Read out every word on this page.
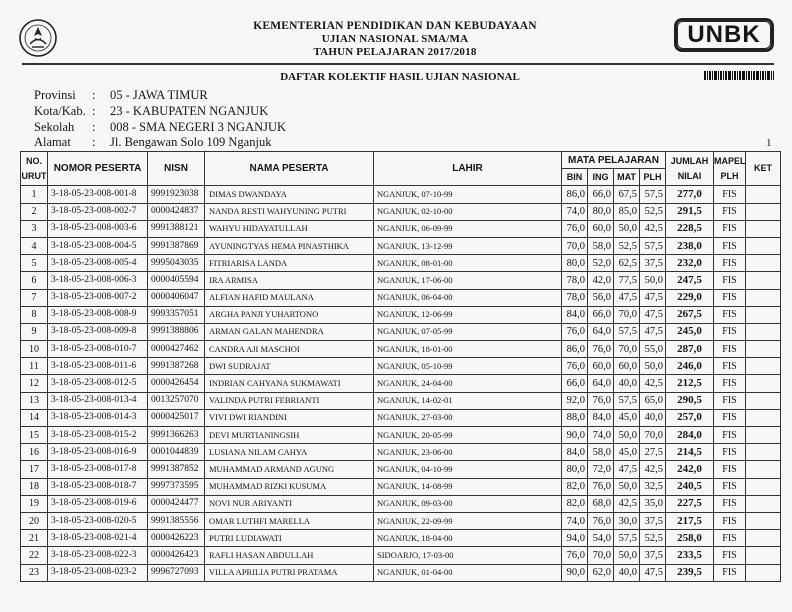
KEMENTERIAN PENDIDIKAN DAN KEBUDAYAAN
UJIAN NASIONAL SMA/MA
TAHUN PELAJARAN 2017/2018
UNBK
DAFTAR KOLEKTIF HASIL UJIAN NASIONAL
Provinsi : 05 - JAWA TIMUR
Kota/Kab. : 23 - KABUPATEN NGANJUK
Sekolah : 008 - SMA NEGERI 3 NGANJUK
Alamat : Jl. Bengawan Solo 109 Nganjuk	1
NO. URUT	NOMOR PESERTA	NISN	NAMA PESERTA	LAHIR	MATA PELAJARAN				JUMLAH NILAI	MAPEL PLH	KET
					BIN	ING	MAT	PLH			
1	3-18-05-23-008-001-8	9991923038	DIMAS DWANDAYA	NGANJUK, 07-10-99	86,0	66,0	67,5	57,5	277,0	FIS	
2	3-18-05-23-008-002-7	0000424837	NANDA RESTI WAHYUNING PUTRI	NGANJUK, 02-10-00	74,0	80,0	85,0	52,5	291,5	FIS	
3	3-18-05-23-008-003-6	9991388121	WAHYU HIDAYATULLAH	NGANJUK, 06-09-99	76,0	60,0	50,0	42,5	228,5	FIS	
4	3-18-05-23-008-004-5	9991387869	AYUNINGTYAS HEMA PINASTHIKA	NGANJUK, 13-12-99	70,0	58,0	52,5	57,5	238,0	FIS	
5	3-18-05-23-008-005-4	9995043035	FITRIARISA LANDA	NGANJUK, 08-01-00	80,0	52,0	62,5	37,5	232,0	FIS	
6	3-18-05-23-008-006-3	0000405594	IRA ARMISA	NGANJUK, 17-06-00	78,0	42,0	77,5	50,0	247,5	FIS	
7	3-18-05-23-008-007-2	0000406047	ALFIAN HAFID MAULANA	NGANJUK, 06-04-00	78,0	56,0	47,5	47,5	229,0	FIS	
8	3-18-05-23-008-008-9	9993357051	ARGHA PANJI YUHARTONO	NGANJUK, 12-06-99	84,0	66,0	70,0	47,5	267,5	FIS	
9	3-18-05-23-008-009-8	9991388806	ARMAN GALAN MAHENDRA	NGANJUK, 07-05-99	76,0	64,0	57,5	47,5	245,0	FIS	
10	3-18-05-23-008-010-7	0000427462	CANDRA AJI MASCHOI	NGANJUK, 18-01-00	86,0	76,0	70,0	55,0	287,0	FIS	
11	3-18-05-23-008-011-6	9991387268	DWI SUDRAJAT	NGANJUK, 05-10-99	76,0	60,0	60,0	50,0	246,0	FIS	
12	3-18-05-23-008-012-5	0000426454	INDRIAN CAHYANA SUKMAWATI	NGANJUK, 24-04-00	66,0	64,0	40,0	42,5	212,5	FIS	
13	3-18-05-23-008-013-4	0013257070	VALINDA PUTRI FEBRIANTI	NGANJUK, 14-02-01	92,0	76,0	57,5	65,0	290,5	FIS	
14	3-18-05-23-008-014-3	0000425017	VIVI DWI RIANDINI	NGANJUK, 27-03-00	88,0	84,0	45,0	40,0	257,0	FIS	
15	3-18-05-23-008-015-2	9991366263	DEVI MURTIANINGSIH	NGANJUK, 20-05-99	90,0	74,0	50,0	70,0	284,0	FIS	
16	3-18-05-23-008-016-9	0001044839	LUSIANA NILAM CAHYA	NGANJUK, 23-06-00	84,0	58,0	45,0	27,5	214,5	FIS	
17	3-18-05-23-008-017-8	9991387852	MUHAMMAD ARMAND AGUNG	NGANJUK, 04-10-99	80,0	72,0	47,5	42,5	242,0	FIS	
18	3-18-05-23-008-018-7	9997373595	MUHAMMAD RIZKI KUSUMA	NGANJUK, 14-08-99	82,0	76,0	50,0	32,5	240,5	FIS	
19	3-18-05-23-008-019-6	0000424477	NOVI NUR ARIYANTI	NGANJUK, 09-03-00	82,0	68,0	42,5	35,0	227,5	FIS	
20	3-18-05-23-008-020-5	9991385556	OMAR LUTHFI MARELLA	NGANJUK, 22-09-99	74,0	76,0	30,0	37,5	217,5	FIS	
21	3-18-05-23-008-021-4	0000426223	PUTRI LUDIAWATI	NGANJUK, 18-04-00	94,0	54,0	57,5	52,5	258,0	FIS	
22	3-18-05-23-008-022-3	0000426423	RAFLI HASAN ABDULLAH	SIDOARJO, 17-03-00	76,0	70,0	50,0	37,5	233,5	FIS	
23	3-18-05-23-008-023-2	9996727093	VILLA APRILIA PUTRI PRATAMA	NGANJUK, 01-04-00	90,0	62,0	40,0	47,5	239,5	FIS	
